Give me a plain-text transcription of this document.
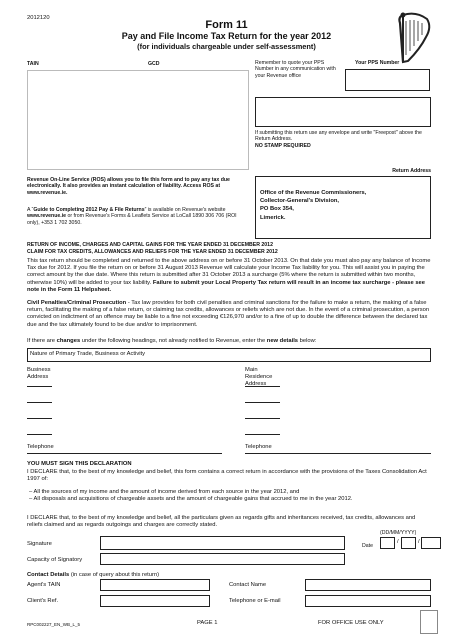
2012120
Form 11
Pay and File Income Tax Return for the year 2012
(for individuals chargeable under self-assessment)
TAIN	GCD	Remember to quote your PPS Number in any communication with your Revenue office
Your PPS Number
If submitting this return use any envelope and write "Freepost" above the Return Address.
NO STAMP REQUIRED
Revenue On-Line Service (ROS) allows you to file this form and to pay any tax due electronically. It also provides an instant calculation of liability. Access ROS at www.revenue.ie.
A “Guide to Completing 2012 Pay & File Returns” is available on Revenue's website www.revenue.ie or from Revenue's Forms & Leaflets Service at LoCall 1890 306 706 (ROI only), +353 1 702 3050.
Return Address
Office of the Revenue Commissioners,
Collector-General's Division,
PO Box 354,
Limerick.
RETURN OF INCOME, CHARGES AND CAPITAL GAINS FOR THE YEAR ENDED 31 DECEMBER 2012
CLAIM FOR TAX CREDITS, ALLOWANCES AND RELIEFS FOR THE YEAR ENDED 31 DECEMBER 2012
This tax return should be completed and returned to the above address on or before 31 October 2013. On that date you must also pay any balance of Income Tax due for 2012. If you file the return on or before 31 August 2013 Revenue will calculate your Income Tax liability for you. This will assist you in paying the correct amount by the due date. Where this return is submitted after 31 October 2013 a surcharge (5% where the return is submitted within two months, otherwise 10%) will be added to your tax liability. Failure to submit your Local Property Tax return will result in an income tax surcharge - please see note in the Form 11 Helpsheet.
Civil Penalties/Criminal Prosecution - Tax law provides for both civil penalties and criminal sanctions for the failure to make a return, the making of a false return, facilitating the making of a false return, or claiming tax credits, allowances or reliefs which are not due. In the event of a criminal prosecution, a person convicted on indictment of an offence may be liable to a fine not exceeding €126,970 and/or to a fine of up to double the difference between the declared tax due and the tax ultimately found to be due and/or to imprisonment.
If there are changes under the following headings, not already notified to Revenue, enter the new details below:
Nature of Primary Trade, Business or Activity
Business Address
Main Residence Address
Telephone	Telephone
YOU MUST SIGN THIS DECLARATION
I DECLARE that, to the best of my knowledge and belief, this form contains a correct return in accordance with the provisions of the Taxes Consolidation Act 1997 of:
– All the sources of my income and the amount of income derived from each source in the year 2012, and
– All disposals and acquisitions of chargeable assets and the amount of chargeable gains that accrued to me in the year 2012.
I DECLARE that, to the best of my knowledge and belief, all the particulars given as regards gifts and inheritances received, tax credits, allowances and reliefs claimed and as regards outgoings and charges are correctly stated.
(DD/MM/YYYY)
Signature	Date
/	/
Capacity of Signatory
Contact Details (in case of query about this return)
Agent's TAIN	Contact Name
Client's Ref.	Telephone or E-mail
RPC002227_EN_WB_L_5	PAGE 1	FOR OFFICE USE ONLY
